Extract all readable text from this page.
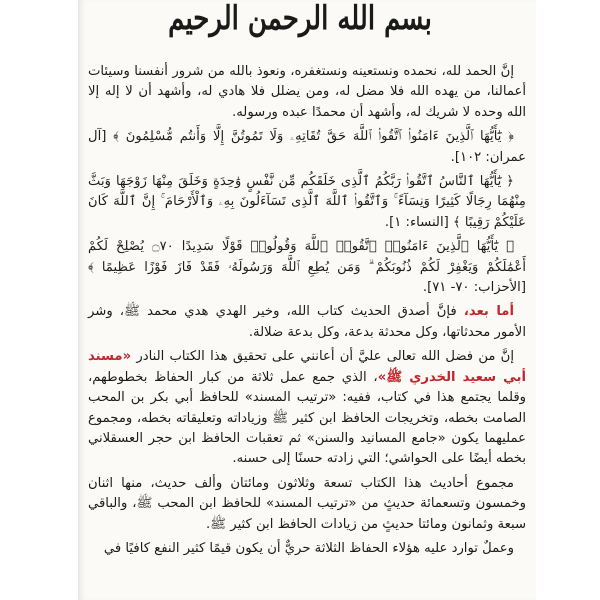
بسم الله الرحمن الرحيم

إنَّ الحمد لله، نحمده ونستعينه ونستغفره، ونعوذ بالله من شرور أنفسنا وسيئات أعمالنا، من يهده الله فلا مضل له، ومن يضلل فلا هادي له، وأشهد أن لا إله إلا الله وحده لا شريك له، وأشهد أن محمدًا عبده ورسوله.

﴿ يَٰٓأَيُّهَا ٱلَّذِينَ ءَامَنُوا۟ ٱتَّقُوا۟ ٱللَّهَ حَقَّ تُقَاتِهِۦ وَلَا تَمُوتُنَّ إِلَّا وَأَنتُم مُّسْلِمُونَ ﴾ [آل عمران: ١٠٢].

﴿ يَٰٓأَيُّهَا ٱلنَّاسُ ٱتَّقُوا۟ رَبَّكُمُ ٱلَّذِى خَلَقَكُم مِّن نَّفْسٍ وَٰحِدَةٍ وَخَلَقَ مِنْهَا زَوْجَهَا وَبَثَّ مِنْهُمَا رِجَالًا كَثِيرًا وَنِسَآءً ۚ وَٱتَّقُوا۟ ٱللَّهَ ٱلَّذِى تَسَآءَلُونَ بِهِۦ وَٱلْأَرْحَامَ ۚ إِنَّ ٱللَّهَ كَانَ عَلَيْكُمْ رَقِيبًا ﴾ [النساء: ١].

﴿ يَٰٓأَيُّهَا ٱلَّذِينَ ءَامَنُوا۟ ٱتَّقُوا۟ ٱللَّهَ وَقُولُوا۟ قَوْلًا سَدِيدًا ۝٧٠ يُصْلِحْ لَكُمْ أَعْمَٰلَكُمْ وَيَغْفِرْ لَكُمْ ذُنُوبَكُمْ ۗ وَمَن يُطِعِ ٱللَّهَ وَرَسُولَهُۥ فَقَدْ فَازَ فَوْزًا عَظِيمًا ﴾ [الأحزاب: ٧٠- ٧١].

أما بعد، فإنَّ أصدق الحديث كتاب الله، وخير الهدي هدي محمد ﷺ، وشر الأمور محدثاتها، وكل محدثة بدعة، وكل بدعة ضلالة.

إنَّ من فضل الله تعالى عليَّ أن أعانني على تحقيق هذا الكتاب النادر «مسند أبي سعيد الخدري ﷺ»، الذي جمع عمل ثلاثة من كبار الحفاظ بخطوطهم، وقلما يجتمع هذا في كتاب، ففيه: «ترتيب المسند» للحافظ أبي بكر بن المحب الصامت بخطه، وتخريجات الحافظ ابن كثير ﷺ وزياداته وتعليقاته بخطه، ومجموع عمليهما يكون «جامع المسانيد والسنن» ثم تعقبات الحافظ ابن حجر العسقلاني بخطه أيضًا على الحواشي؛ التي زادته حسنًا إلى حسنه.

مجموع أحاديث هذا الكتاب تسعة وثلاثون ومائتان وألف حديث، منها اثنان وخمسون وتسعمائة حديثٍ من «ترتيب المسند» للحافظ ابن المحب ﷺ، والباقي سبعة وثمانون ومائتا حديثٍ من زيادات الحافظ ابن كثير ﷺ.

وعملٌ توارد عليه هؤلاء الحفاظ الثلاثة حريٌّ أن يكون قيمًا كثير النفع كافيًا في
